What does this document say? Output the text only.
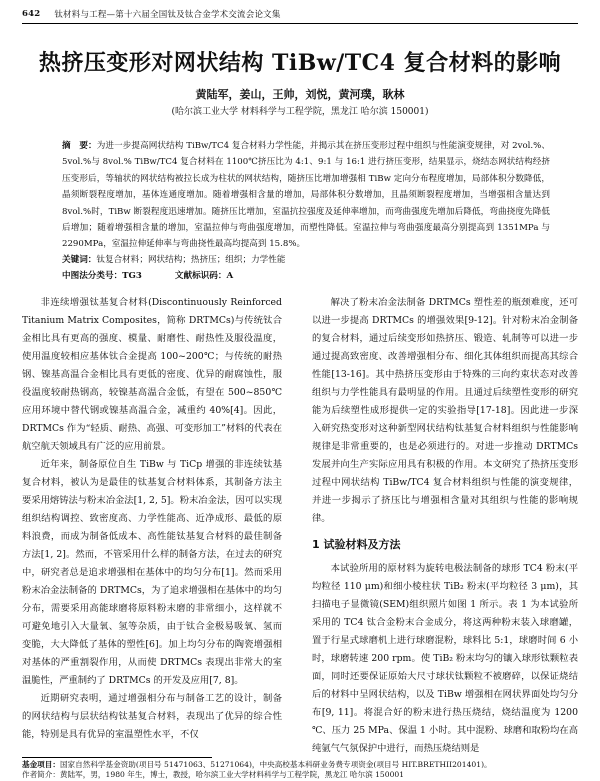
642 钛材料与工程—第十六届全国钛及钛合金学术交流会论文集
热挤压变形对网状结构 TiBw/TC4 复合材料的影响
黄陆军，姜山，王帅，刘悦，黄河璞，耿林
(哈尔滨工业大学 材料科学与工程学院，黑龙江 哈尔滨 150001)
摘　要：为进一步提高网状结构 TiBw/TC4 复合材料力学性能，并揭示其在挤压变形过程中组织与性能演变规律，对 2vol.%、5vol.%与 8vol.% TiBw/TC4 复合材料在 1100℃挤压比为 4:1、9:1 与 16:1 进行挤压变形，结果显示，烧结态网状结构经挤压变形后，等轴状的网状结构被拉长成为柱状的网状结构，随挤压比增加增强相 TiBw 定向分布程度增加，局部体积分数降低，晶须断裂程度增加，基体连通度增加。随着增强相含量的增加，局部体积分数增加，且晶须断裂程度增加，当增强相含量达到 8vol.%时，TiBw 断裂程度迅速增加。随挤压比增加，室温抗拉强度及延伸率增加，而弯曲强度先增加后降低，弯曲挠度先降低后增加；随着增强相含量的增加，室温拉伸与弯曲强度增加，而塑性降低。室温拉伸与弯曲强度最高分别提高到 1351MPa 与 2290MPa，室温拉伸延伸率与弯曲挠性最高均提高到 15.8%。
关键词：钛复合材料；网状结构；热挤压；组织；力学性能
中图法分类号：TG3	文献标识码：A

非连续增强钛基复合材料(Discontinuously Reinforced Titanium Matrix Composites，简称 DRTMCs)与传统钛合金相比具有更高的强度、模量、耐磨性、耐热性及服役温度，使用温度较相应基体钛合金提高 100~200℃；与传统的耐热钢、镍基高温合金相比具有更低的密度、优异的耐腐蚀性，服役温度较耐热钢高，较镍基高温合金低，有望在 500~850℃应用环境中替代钢或镍基高温合金，减重约 40%[4]。因此，DRTMCs 作为“轻质、耐热、高强、可变形加工”材料的代表在航空航天领域具有广泛的应用前景。

近年来，制备原位自生 TiBw 与 TiCp 增强的非连续钛基复合材料，被认为是最佳的钛基复合材料体系，其制备方法主要采用熔铸法与粉末冶金法[1, 2, 5]。粉末冶金法，因可以实现组织结构调控、致密度高、力学性能高、近净成形、最低的原料浪费，而成为制备低成本、高性能钛基复合材料的最佳制备方法[1, 2]。然而，不管采用什么样的制备方法，在过去的研究中，研究者总是追求增强相在基体中的均匀分布[1]。然而采用粉末冶金法制备的 DRTMCs，为了追求增强相在基体中的均匀分布，需要采用高能球磨将原料粉末磨的非常细小，这样就不可避免地引入大量氧、氢等杂质，由于钛合金极易吸氧、氢而变脆，大大降低了基体的塑性[6]。加上均匀分布的陶瓷增强相对基体的严重割裂作用，从而使 DRTMCs 表现出非常大的室温脆性，严重制约了 DRTMCs 的开发及应用[7, 8]。

近期研究表明，通过增强相分布与制备工艺的设计，制备的网状结构与层状结构钛基复合材料，表现出了优异的综合性能，特别是具有优异的室温塑性水平，不仅

解决了粉末冶金法制备 DRTMCs 塑性差的瓶颈难度，还可以进一步提高 DRTMCs 的增强效果[9-12]。针对粉末冶金制备的复合材料，通过后续变形如热挤压、锻造、轧制等可以进一步通过提高致密度、改善增强相分布、细化其体组织而提高其综合性能[13-16]。其中热挤压变形由于特殊的三向约束状态对改善组织与力学性能具有最明显的作用。且通过后续塑性变形的研究能为后续塑性成形提供一定的实验指导[17-18]。因此进一步深入研究热变形对这种新型网状结构钛基复合材料组织与性能影响规律是非常重要的，也是必须进行的。对进一步推动 DRTMCs 发展并向生产实际应用具有积极的作用。本文研究了热挤压变形过程中网状结构 TiBw/TC4 复合材料组织与性能的演变规律，并进一步揭示了挤压比与增强相含量对其组织与性能的影响规律。

1 试验材料及方法

本试验所用的原材料为旋转电极法制备的球形 TC4 粉末(平均粒径 110 μm)和细小棱柱状 TiB₂ 粉末(平均粒径 3 μm)，其扫描电子显微镜(SEM)组织照片如图 1 所示。表 1 为本试验所采用的 TC4 钛合金粉末合金成分，将这两种粉末装入球磨罐，置于行星式球磨机上进行球磨混粉，球料比 5:1，球磨时间 6 小时，球磨转速 200 rpm。使 TiB₂ 粉末均匀的镶入球形钛颗粒表面，同时还要保证原始大尺寸球状钛颗粒不被磨碎，以保证烧结后的材料中呈网状结构，以及 TiBw 增强相在网状界面处均匀分布[9, 11]。将混合好的粉末进行热压烧结，烧结温度为 1200 ℃、压力 25 MPa、保温 1 小时。其中混粉、球磨和取粉均在高纯氩气气氛保护中进行，而热压烧结则是

基金项目：国家自然科学基金资助(项目号 51471063、51271064)，中央高校基本科研业务费专项资金(项目号 HIT.BRETHII201401)。
作者简介：黄陆军，男，1980 年生，博士，教授，哈尔滨工业大学材料科学与工程学院，黑龙江 哈尔滨 150001
